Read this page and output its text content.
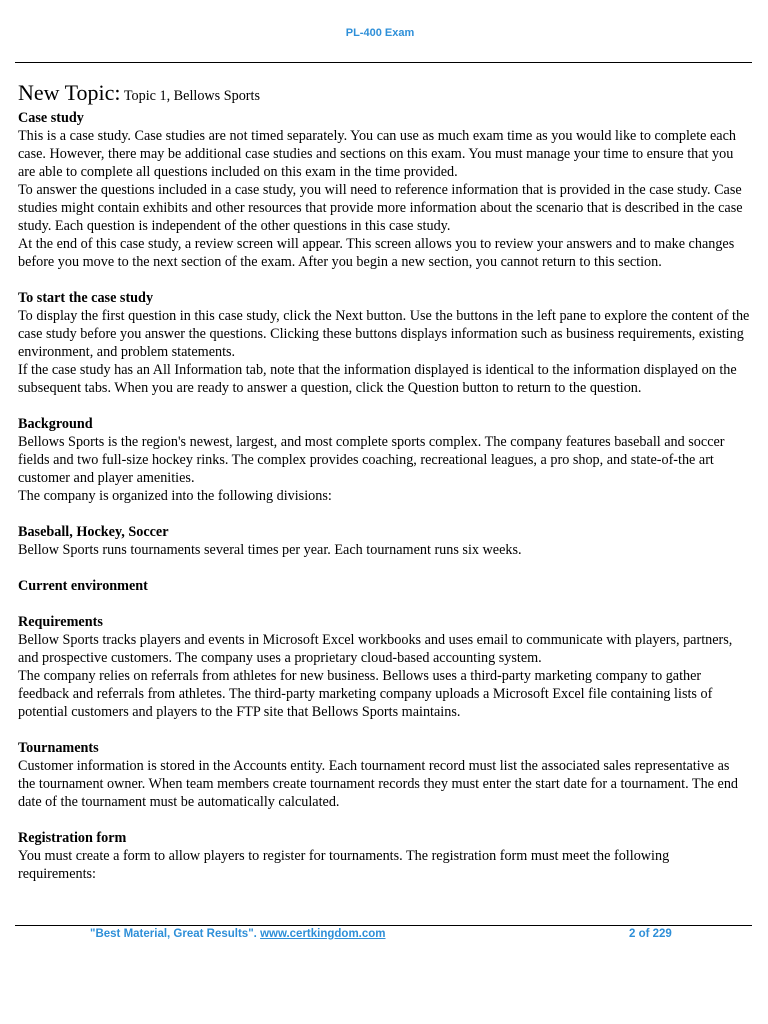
PL-400 Exam
New Topic: Topic 1, Bellows Sports
Case study

This is a case study. Case studies are not timed separately. You can use as much exam time as you would like to complete each case. However, there may be additional case studies and sections on this exam. You must manage your time to ensure that you are able to complete all questions included on this exam in the time provided.

To answer the questions included in a case study, you will need to reference information that is provided in the case study. Case studies might contain exhibits and other resources that provide more information about the scenario that is described in the case study. Each question is independent of the other questions in this case study.

At the end of this case study, a review screen will appear. This screen allows you to review your answers and to make changes before you move to the next section of the exam. After you begin a new section, you cannot return to this section.

To start the case study

To display the first question in this case study, click the Next button. Use the buttons in the left pane to explore the content of the case study before you answer the questions. Clicking these buttons displays information such as business requirements, existing environment, and problem statements.

If the case study has an All Information tab, note that the information displayed is identical to the information displayed on the subsequent tabs. When you are ready to answer a question, click the Question button to return to the question.

Background

Bellows Sports is the region's newest, largest, and most complete sports complex. The company features baseball and soccer fields and two full-size hockey rinks. The complex provides coaching, recreational leagues, a pro shop, and state-of-the art customer and player amenities.

The company is organized into the following divisions:

Baseball, Hockey, Soccer

Bellow Sports runs tournaments several times per year. Each tournament runs six weeks.

Current environment
Requirements

Bellow Sports tracks players and events in Microsoft Excel workbooks and uses email to communicate with players, partners, and prospective customers. The company uses a proprietary cloud-based accounting system.

The company relies on referrals from athletes for new business. Bellows uses a third-party marketing company to gather feedback and referrals from athletes. The third-party marketing company uploads a Microsoft Excel file containing lists of potential customers and players to the FTP site that Bellows Sports maintains.

Tournaments

Customer information is stored in the Accounts entity. Each tournament record must list the associated sales representative as the tournament owner. When team members create tournament records they must enter the start date for a tournament. The end date of the tournament must be automatically calculated.

Registration form

You must create a form to allow players to register for tournaments. The registration form must meet the following requirements:

"Best Material, Great Results". www.certkingdom.com	2 of 229
